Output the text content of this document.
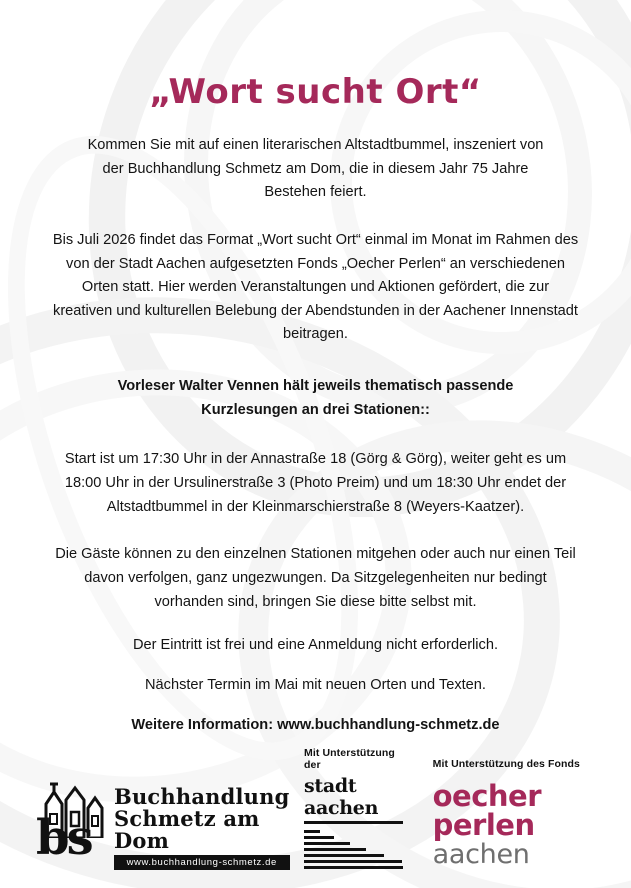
„Wort sucht Ort“

Kommen Sie mit auf einen literarischen Altstadtbummel, inszeniert von der Buchhandlung Schmetz am Dom, die in diesem Jahr 75 Jahre Bestehen feiert.

Bis Juli 2026 findet das Format „Wort sucht Ort“ einmal im Monat im Rahmen des von der Stadt Aachen aufgesetzten Fonds „Oecher Perlen“ an verschiedenen Orten statt. Hier werden Veranstaltungen und Aktionen gefördert, die zur kreativen und kulturellen Belebung der Abendstunden in der Aachener Innenstadt beitragen.

Vorleser Walter Vennen hält jeweils thematisch passende Kurzlesungen an drei Stationen::

Start ist um 17:30 Uhr in der Annastraße 18 (Görg & Görg), weiter geht es um 18:00 Uhr in der Ursulinerstraße 3 (Photo Preim) und um 18:30 Uhr endet der Altstadtbummel in der Kleinmarschierstraße 8 (Weyers-Kaatzer).

Die Gäste können zu den einzelnen Stationen mitgehen oder auch nur einen Teil davon verfolgen, ganz ungezwungen. Da Sitzgelegenheiten nur bedingt vorhanden sind, bringen Sie diese bitte selbst mit.

Der Eintritt ist frei und eine Anmeldung nicht erforderlich.

Nächster Termin im Mai mit neuen Orten und Texten.

Weitere Information: www.buchhandlung-schmetz.de

bs
Buchhandlung
Schmetz am Dom
www.buchhandlung-schmetz.de
Mit Unterstützung der
stadt aachen
Mit Unterstützung des Fonds
oecher perlen
aachen
